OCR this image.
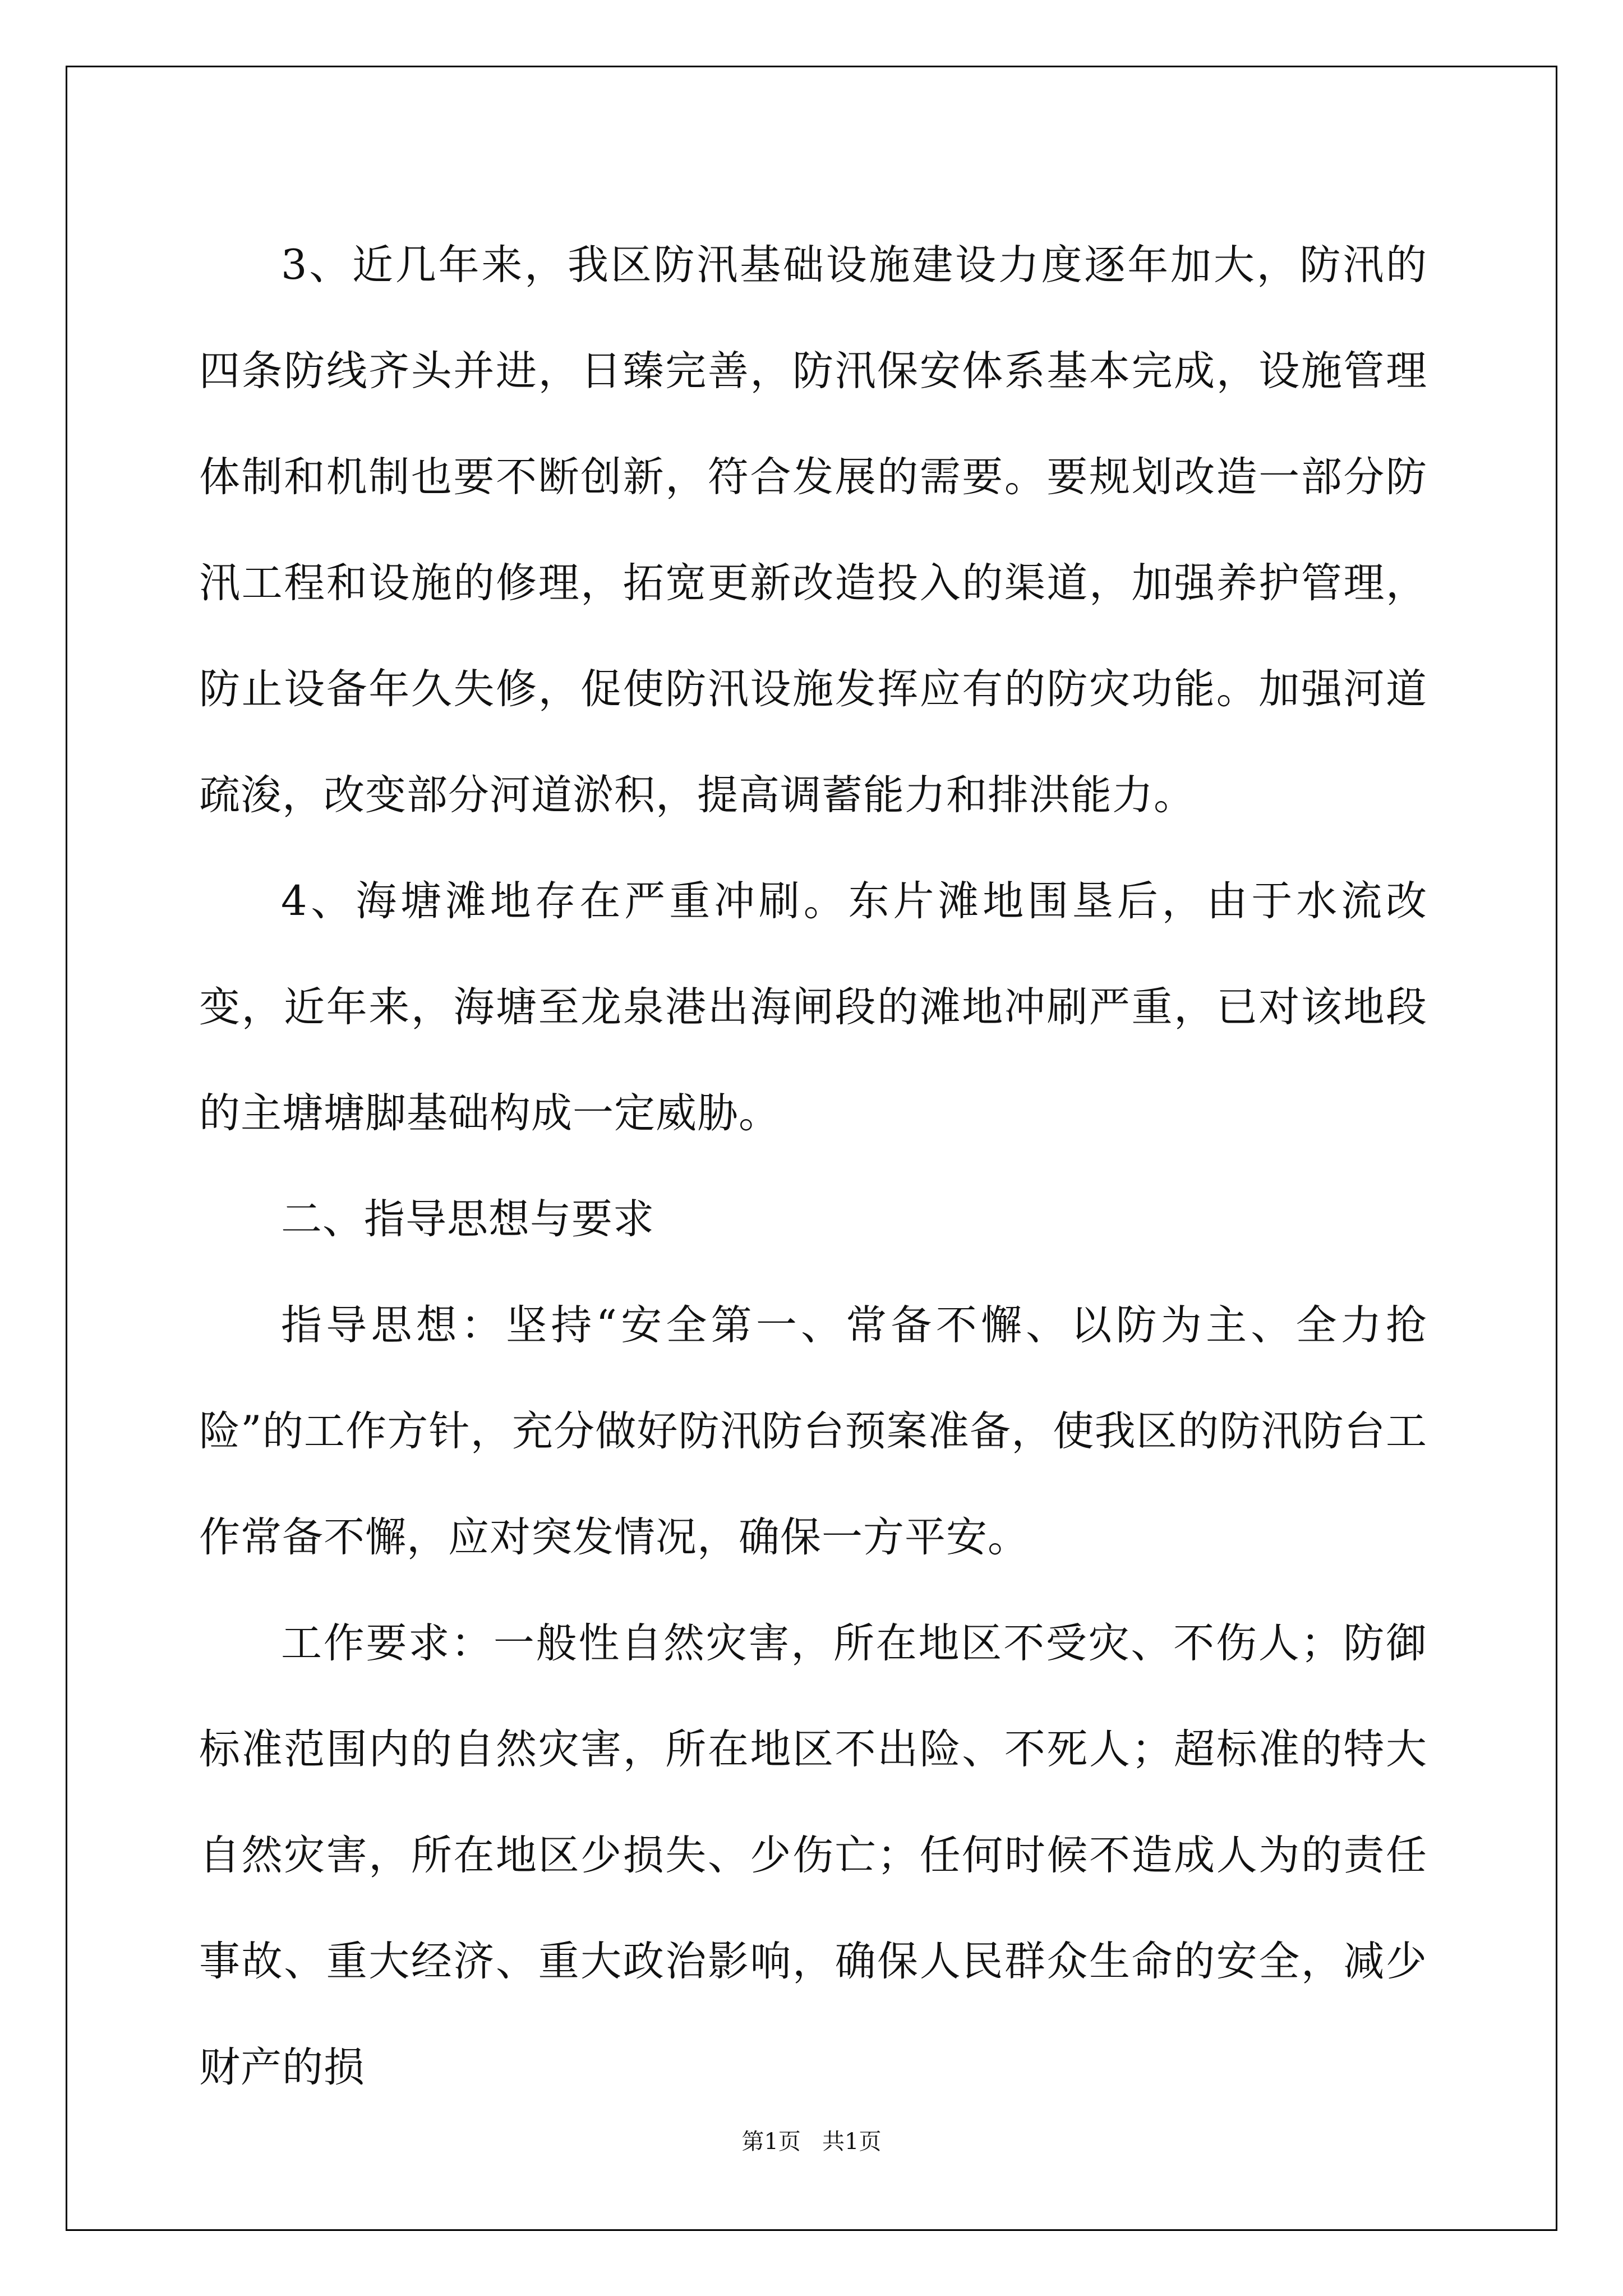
3、近几年来，我区防汛基础设施建设力度逐年加大，防汛的四条防线齐头并进，日臻完善，防汛保安体系基本完成，设施管理体制和机制也要不断创新，符合发展的需要。要规划改造一部分防汛工程和设施的修理，拓宽更新改造投入的渠道，加强养护管理，防止设备年久失修，促使防汛设施发挥应有的防灾功能。加强河道疏浚，改变部分河道淤积，提高调蓄能力和排洪能力。

4、海塘滩地存在严重冲刷。东片滩地围垦后，由于水流改变，近年来，海塘至龙泉港出海闸段的滩地冲刷严重，已对该地段的主塘塘脚基础构成一定威胁。

二、指导思想与要求

指导思想：坚持“安全第一、常备不懈、以防为主、全力抢险”的工作方针，充分做好防汛防台预案准备，使我区的防汛防台工作常备不懈，应对突发情况，确保一方平安。

工作要求：一般性自然灾害，所在地区不受灾、不伤人；防御标准范围内的自然灾害，所在地区不出险、不死人；超标准的特大自然灾害，所在地区少损失、少伤亡；任何时候不造成人为的责任事故、重大经济、重大政治影响，确保人民群众生命的安全，减少财产的损

第1页   共1页
